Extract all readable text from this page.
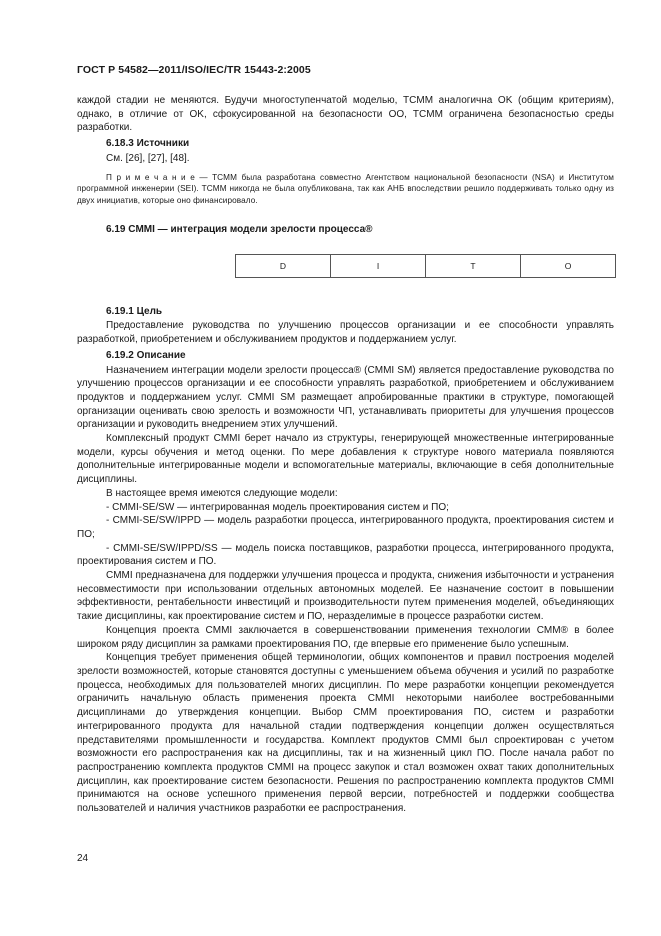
ГОСТ Р 54582—2011/ISO/IEC/TR 15443-2:2005

каждой стадии не меняются. Будучи многоступенчатой моделью, TCMM аналогична OK (общим критериям), однако, в отличие от OK, сфокусированной на безопасности OO, TCMM ограничена безопасностью среды разработки.

6.18.3 Источники

См. [26], [27], [48].

П р и м е ч а н и е — TCMM была разработана совместно Агентством национальной безопасности (NSA) и Институтом программной инженерии (SEI). TCMM никогда не была опубликована, так как АНБ впоследствии решило поддерживать только одну из двух инициатив, которые оно финансировало.

6.19 CMMI — интеграция модели зрелости процесса®
D	I	T	O
6.19.1 Цель

Предоставление руководства по улучшению процессов организации и ее способности управлять разработкой, приобретением и обслуживанием продуктов и поддержанием услуг.

6.19.2 Описание

Назначением интеграции модели зрелости процесса® (CMMI SM) является предоставление руководства по улучшению процессов организации и ее способности управлять разработкой, приобретением и обслуживанием продуктов и поддержанием услуг. CMMI SM размещает апробированные практики в структуре, помогающей организации оценивать свою зрелость и возможности ЧП, устанавливать приоритеты для улучшения процессов организации и руководить внедрением этих улучшений.

Комплексный продукт CMMI берет начало из структуры, генерирующей множественные интегрированные модели, курсы обучения и метод оценки. По мере добавления к структуре нового материала появляются дополнительные интегрированные модели и вспомогательные материалы, включающие в себя дополнительные дисциплины.

В настоящее время имеются следующие модели:

- CMMI-SE/SW — интегрированная модель проектирования систем и ПО;

- CMMI-SE/SW/IPPD — модель разработки процесса, интегрированного продукта, проектирования систем и ПО;

- CMMI-SE/SW/IPPD/SS — модель поиска поставщиков, разработки процесса, интегрированного продукта, проектирования систем и ПО.

CMMI предназначена для поддержки улучшения процесса и продукта, снижения избыточности и устранения несовместимости при использовании отдельных автономных моделей. Ее назначение состоит в повышении эффективности, рентабельности инвестиций и производительности путем применения моделей, объединяющих такие дисциплины, как проектирование систем и ПО, неразделимые в процессе разработки систем.

Концепция проекта CMMI заключается в совершенствовании применения технологии CMM® в более широком ряду дисциплин за рамками проектирования ПО, где впервые его применение было успешным.

Концепция требует применения общей терминологии, общих компонентов и правил построения моделей зрелости возможностей, которые становятся доступны с уменьшением объема обучения и усилий по разработке процесса, необходимых для пользователей многих дисциплин. По мере разработки концепции рекомендуется ограничить начальную область применения проекта CMMI некоторыми наиболее востребованными дисциплинами до утверждения концепции. Выбор CMM проектирования ПО, систем и разработки интегрированного продукта для начальной стадии подтверждения концепции должен осуществляться представителями промышленности и государства. Комплект продуктов CMMI был спроектирован с учетом возможности его распространения как на дисциплины, так и на жизненный цикл ПО. После начала работ по распространению комплекта продуктов CMMI на процесс закупок и стал возможен охват таких дополнительных дисциплин, как проектирование систем безопасности. Решения по распространению комплекта продуктов CMMI принимаются на основе успешного применения первой версии, потребностей и поддержки сообщества пользователей и наличия участников разработки ее распространения.

24
